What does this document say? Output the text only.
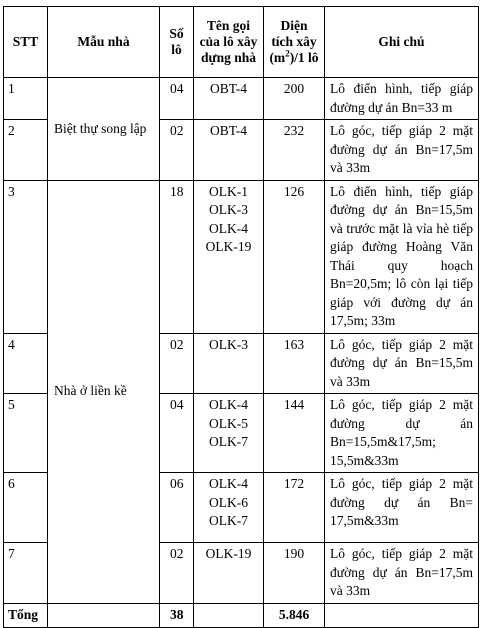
STT	Mẫu nhà	Số lô	Tên gọi của lô xây dựng nhà	Diện tích xây $(m^2)/1$ lô	Ghi chú
1	Biệt thự song lập	04	OBT-4	200	Lô điển hình, tiếp giáp đường dự án Bn=33 m
2		02	OBT-4	232	Lô góc, tiếp giáp 2 mặt đường dự án Bn=17,5m và 33m
3	Nhà ở liền kề	18	OLK-1
OLK-3
OLK-4
OLK-19	126	Lô điển hình, tiếp giáp đường dự án Bn=15,5m và trước mặt là vỉa hè tiếp giáp đường Hoàng Văn Thái quy hoạch Bn=20,5m; lô còn lại tiếp giáp với đường dự án 17,5m; 33m
4		02	OLK-3	163	Lô góc, tiếp giáp 2 mặt đường dự án Bn=15,5m và 33m
5		04	OLK-4
OLK-5
OLK-7	144	Lô góc, tiếp giáp 2 mặt đường dự án Bn=15,5m&17,5m; 15,5m&33m
6		06	OLK-4
OLK-6
OLK-7	172	Lô góc, tiếp giáp 2 mặt đường dự án Bn= 17,5m&33m
7		02	OLK-19	190	Lô góc, tiếp giáp 2 mặt đường dự án Bn=17,5m và 33m
Tổng		38		5.846	
